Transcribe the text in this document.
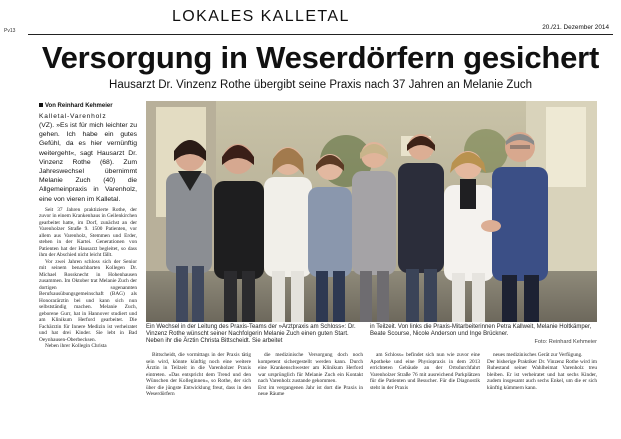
Pv13
LOKALES KALLETAL
20./21. Dezember 2014
Versorgung in Weserdörfern gesichert
Hausarzt Dr. Vinzenz Rothe übergibt seine Praxis nach 37 Jahren an Melanie Zuch
Von Reinhard Kehmeier
Kalletal-Varenholz
(VZ). »Es ist für mich leichter zu gehen. Ich habe ein gutes Gefühl, da es hier vernünftig weitergeht«, sagt Hausarzt Dr. Vinzenz Rothe (68). Zum Jahreswechsel übernimmt Melanie Zuch (40) die Allgemeinpraxis in Varenholz, eine von vieren im Kalletal.

Seit 37 Jahren praktizierte Rothe, der zuvor in einem Krankenhaus in Geilenkirchen gearbeitet hatte, im Dorf, zunächst an der Varenholzer Straße 9. 1500 Patienten, vor allem aus Varenholz, Stemmen und Erder, stehen in der Kartei. Generationen von Patienten hat der Hausarzt begleitet, so dass ihm der Abschied nicht leicht fällt.

Vor zwei Jahren schloss sich der Senior mit seinem benachbarten Kollegen Dr. Michael Rossknecht in Hohenhausen zusammen. Im Oktober trat Melanie Zuch der dortigen sogenannten Berufsausübungsgemeinschaft (BAG) als Honorarärztin bei und kann sich nun selbstständig machen. Melanie Zuch, geborene Gurr, hat in Hannover studiert und am Klinikum Herford gearbeitet. Die Fachärztin für Innere Medizin ist verheiratet und hat drei Kinder. Sie lebt in Bad Oeynhausen-Oberbecksen.

Neben ihrer Kollegin Christa

Ein Wechsel in der Leitung des Praxis-Teams der »Arztpraxis am Schloss«: Dr. Vinzenz Rothe wünscht seiner Nachfolgerin Melanie Zuch einen guten Start. Neben ihr die Ärztin Christa Bittscheidt. Sie arbeitet
in Teilzeit. Von links die Praxis-Mitarbeiterinnen Petra Kallweit, Melanie Holtkämper, Beate Scourse, Nicole Anderson und Inge Brückner.
Foto: Reinhard Kehmeier

Bittscheidt, die vormittags in der Praxis tätig sein wird, könnte künftig noch eine weitere Ärztin in Teilzeit in die Varenholzer Praxis eintreten. »Das entspricht dem Trend und den Wünschen der Kolleginnen«, so Rothe, der sich über die jüngste Entwicklung freut, dass in den Weserdörfern

die medizinische Versorgung doch noch kompetent sichergestellt werden kann. Durch eine Krankenschwester am Klinikum Herford war ursprünglich für Melanie Zuch ein Kontakt nach Varenholz zustande gekommen.
Erst im vergangenen Jahr ist dort die Praxis in neue Räume

am Schloss« befindet sich nun wie zuvor eine Apotheke und eine Physiopraxis in dem 2013 errichteten Gebäude an der Ortsdurchfahrt Varenholzer Straße 76 mit ausreichend Parkplätzen für die Patienten und Besucher. Für die Diagnostik steht in der Praxis

neues medizinisches Gerät zur Verfügung.
Der bisherige Praktiker Dr. Vinzenz Rothe wird im Ruhestand seiner Wahlheimat Varenholz treu bleiben. Er ist verheiratet und hat sechs Kinder, zudem insgesamt auch sechs Enkel, um die er sich künftig kümmern kann.
